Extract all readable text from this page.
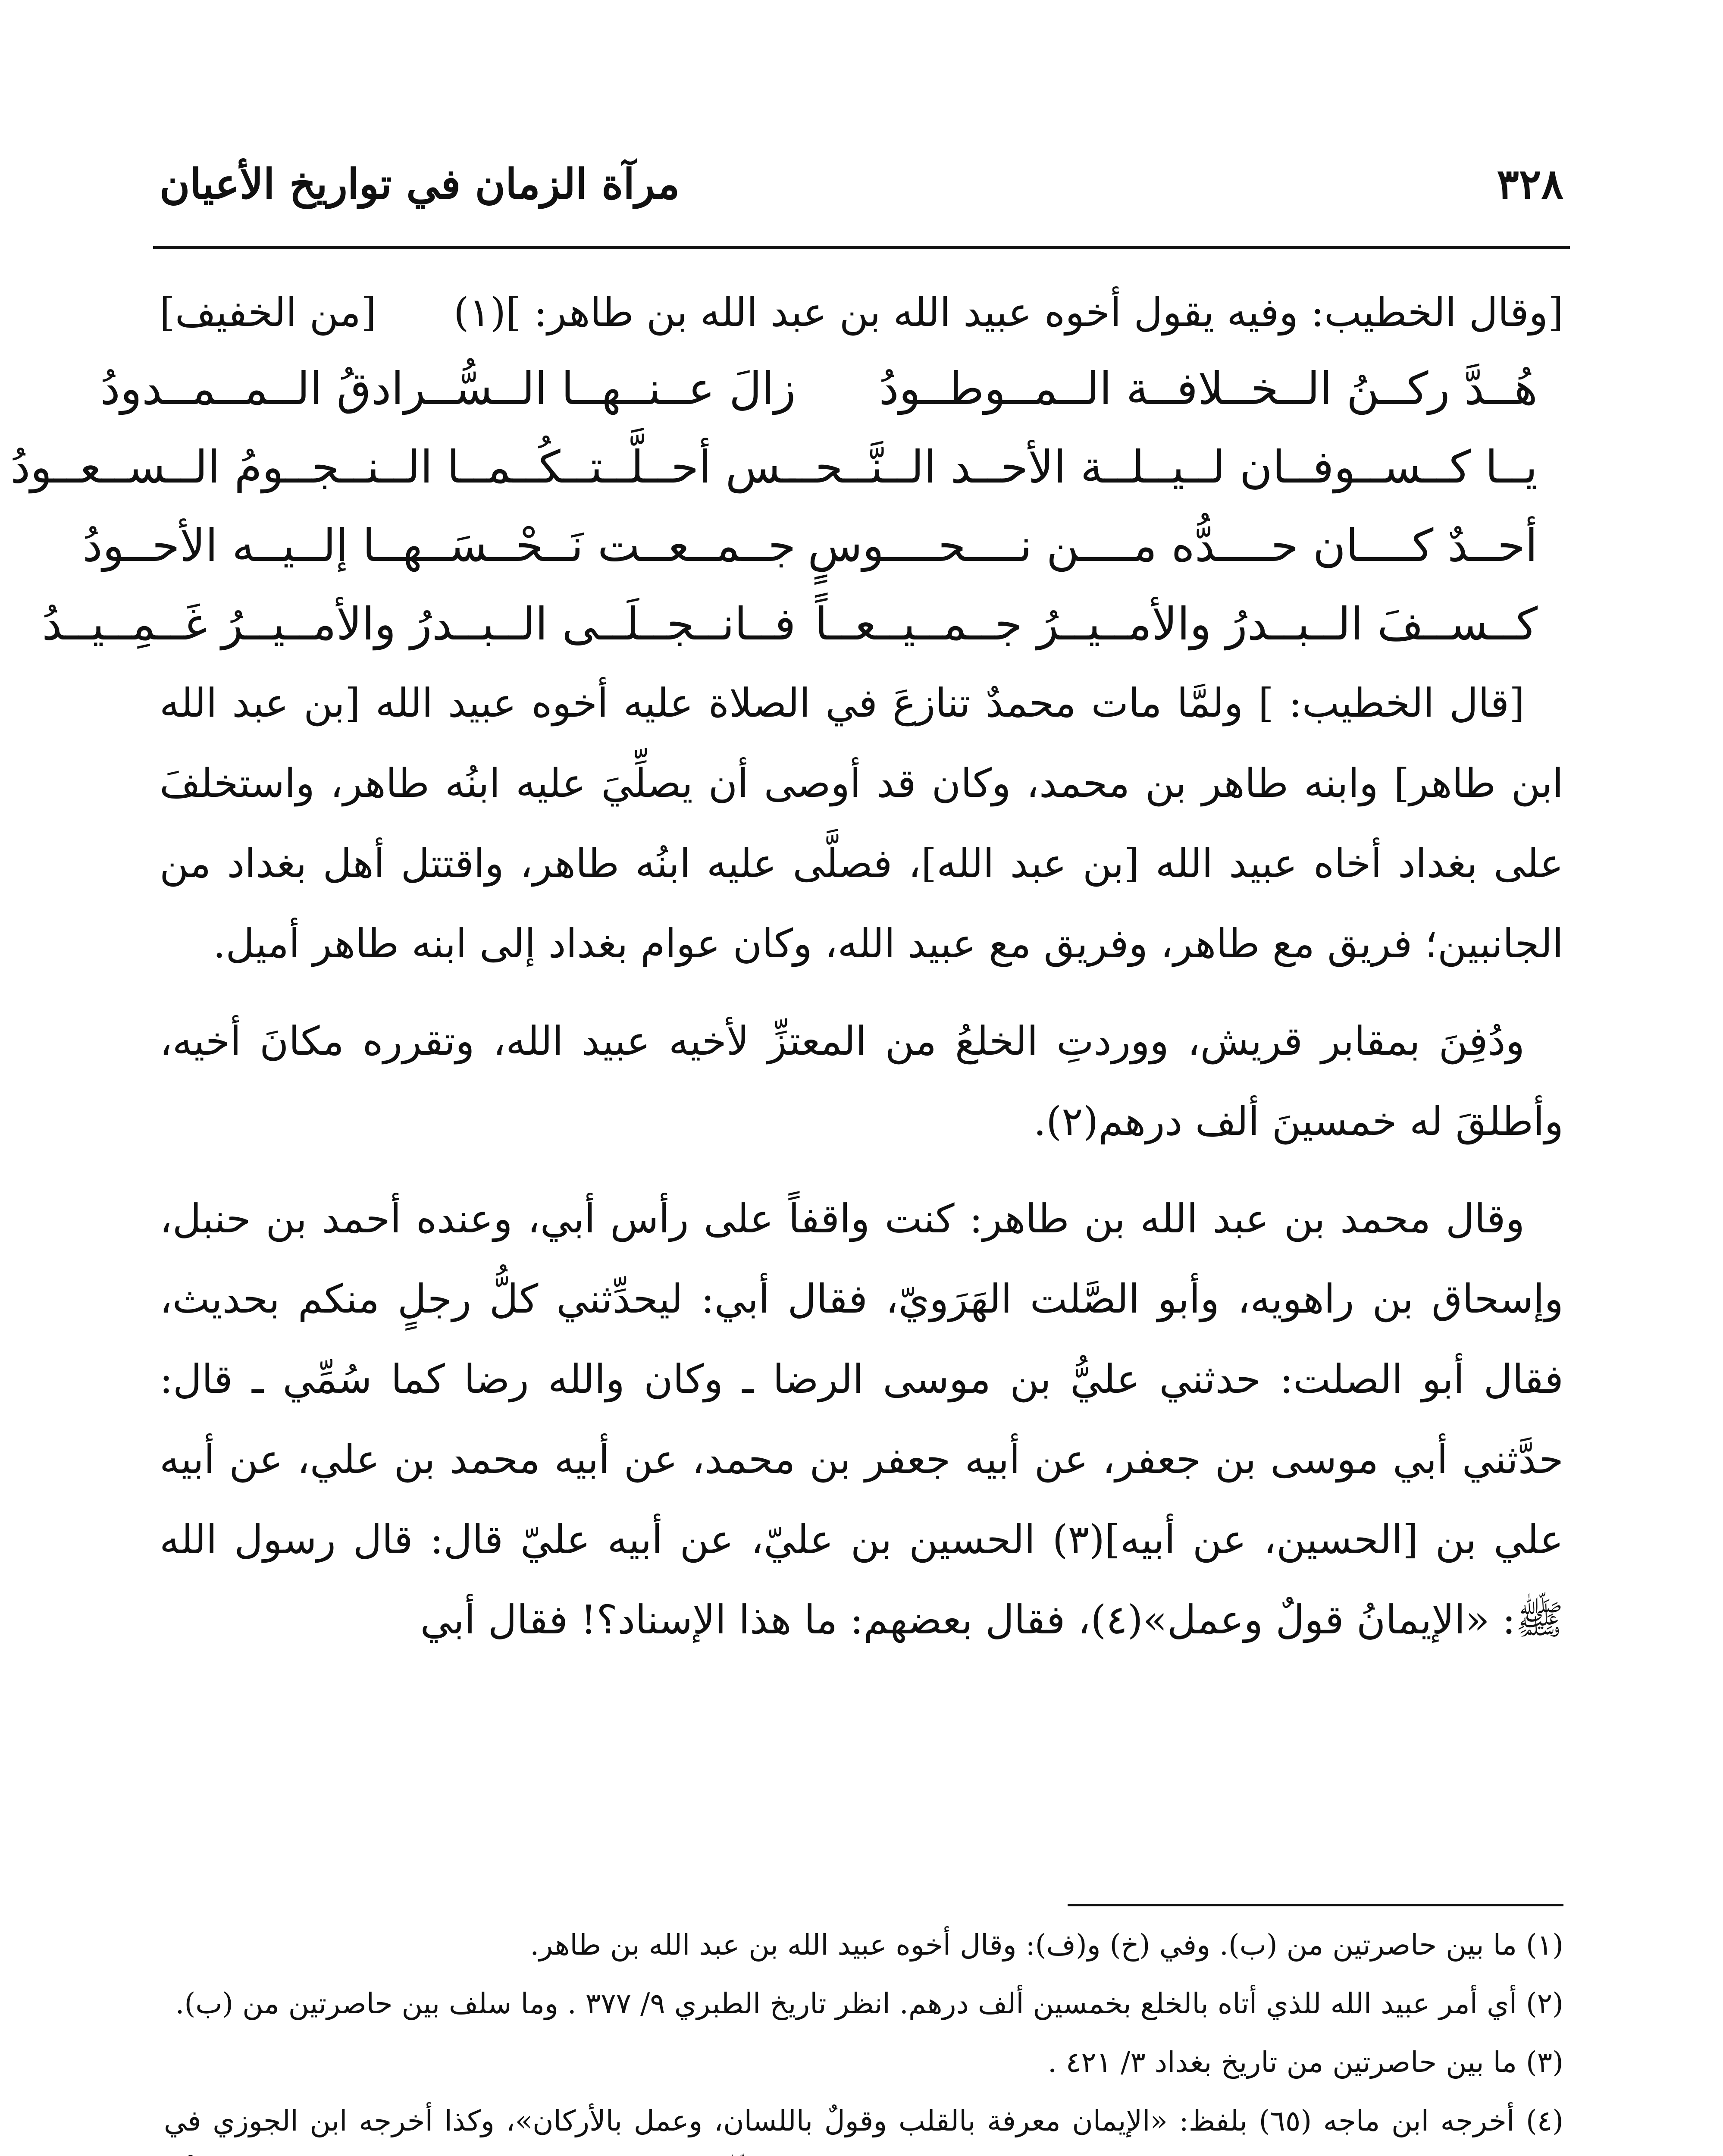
٣٢٨
مرآة الزمان في تواريخ الأعيان
[وقال الخطيب: وفيه يقول أخوه عبيد الله بن عبد الله بن طاهر: ](١)
[من الخفيف]
هُــدَّ ركــنُ الــخــلافــة الــمــوطــودُ
زالَ عــنــهــا الــسُّــرادقُ الــمــمــدودُ
يــا كــســوفــان لــيــلــة الأحــد الــنَّــحــ
ـس أحــلَّــتــكُــمــا الــنــجــومُ الــســعــودُ
أحــدٌ كــــان حــــدُّه مــــن نــــحــــوسٍ
جــمــعــت نَــحْــسَــهــا إلــيــه الأحــودُ
كــســفَ الــبــدرُ والأمــيــرُ جــمــيــعــاً
فــانــجــلَــى الــبــدرُ والأمــيــرُ غَــمِــيــدُ

[قال الخطيب: ] ولمَّا مات محمدٌ تنازعَ في الصلاة عليه أخوه عبيد الله [بن عبد الله ابن طاهر] وابنه طاهر بن محمد، وكان قد أوصى أن يصلِّيَ عليه ابنُه طاهر، واستخلفَ على بغداد أخاه عبيد الله [بن عبد الله]، فصلَّى عليه ابنُه طاهر، واقتتل أهل بغداد من الجانبين؛ فريق مع طاهر، وفريق مع عبيد الله، وكان عوام بغداد إلى ابنه طاهر أميل.

ودُفِنَ بمقابر قريش، ووردتِ الخلعُ من المعتزِّ لأخيه عبيد الله، وتقرره مكانَ أخيه، وأطلقَ له خمسينَ ألف درهم(٢).

وقال محمد بن عبد الله بن طاهر: كنت واقفاً على رأس أبي، وعنده أحمد بن حنبل، وإسحاق بن راهويه، وأبو الصَّلت الهَرَويّ، فقال أبي: ليحدِّثني كلُّ رجلٍ منكم بحديث، فقال أبو الصلت: حدثني عليُّ بن موسى الرضا ـ وكان والله رضا كما سُمِّي ـ قال: حدَّثني أبي موسى بن جعفر، عن أبيه جعفر بن محمد، عن أبيه محمد بن علي، عن أبيه علي بن [الحسين، عن أبيه](٣) الحسين بن عليّ، عن أبيه عليّ قال: قال رسول الله ﷺ: «الإيمانُ قولٌ وعمل»(٤)، فقال بعضهم: ما هذا الإسناد؟! فقال أبي

(١) ما بين حاصرتين من (ب). وفي (خ) و(ف): وقال أخوه عبيد الله بن عبد الله بن طاهر.

(٢) أي أمر عبيد الله للذي أتاه بالخلع بخمسين ألف درهم. انظر تاريخ الطبري ٩/ ٣٧٧ . وما سلف بين حاصرتين من (ب).

(٣) ما بين حاصرتين من تاريخ بغداد ٣/ ٤٢١ .

(٤) أخرجه ابن ماجه (٦٥) بلفظ: «الإيمان معرفة بالقلب وقولٌ باللسان، وعمل بالأركان»، وكذا أخرجه ابن الجوزي في
